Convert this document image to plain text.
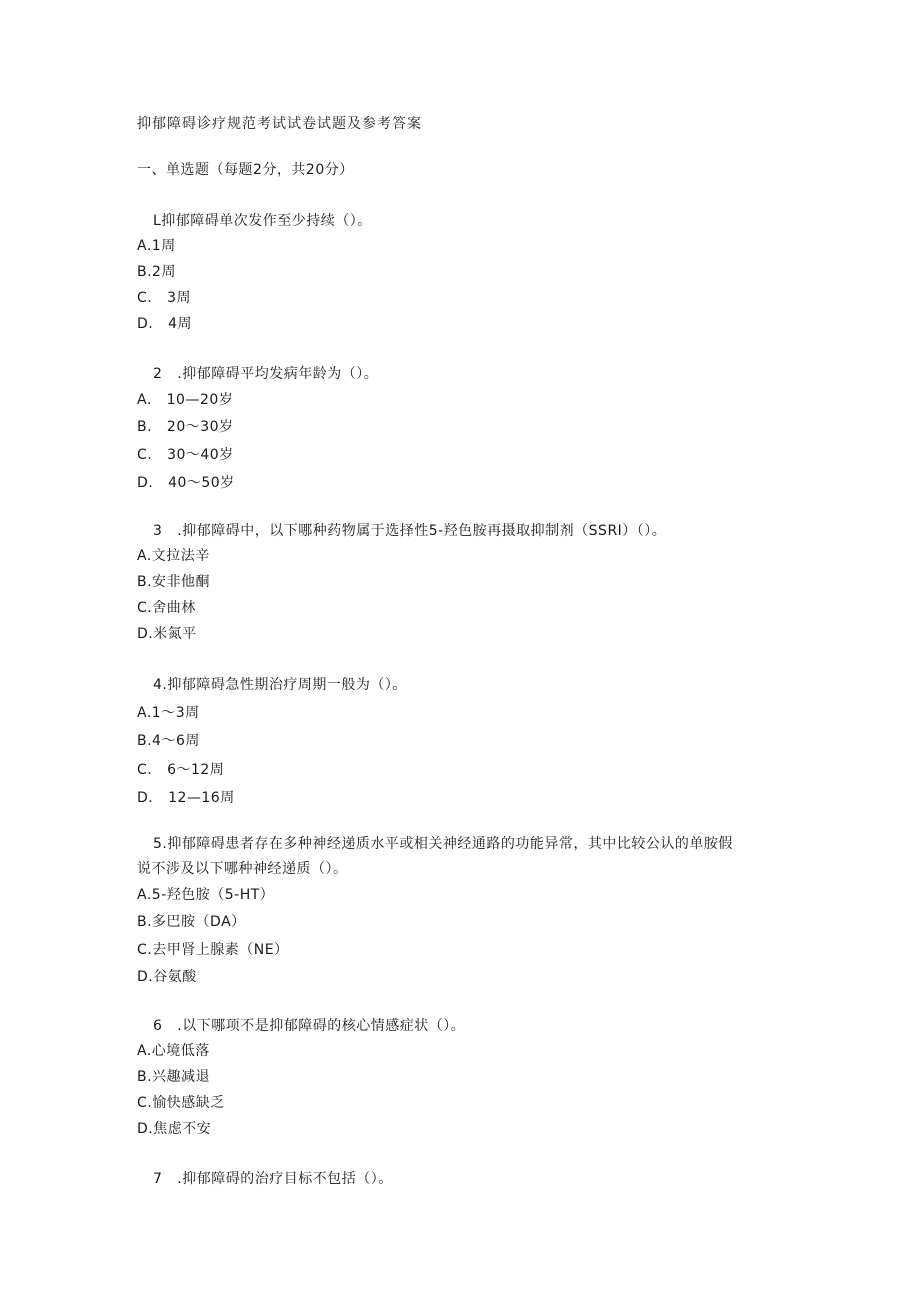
抑郁障碍诊疗规范考试试卷试题及参考答案
一、单选题（每题2分，共20分）
L抑郁障碍单次发作至少持续（）。
A.1周
B.2周
C.   3周
D.   4周
2   .抑郁障碍平均发病年龄为（）。
A.   10—20岁
B.   20～30岁
C.   30～40岁
D.   40～50岁
3   .抑郁障碍中，以下哪种药物属于选择性5-羟色胺再摄取抑制剂（SSRI）（）。
A.文拉法辛
B.安非他酮
C.舍曲林
D.米氮平
4.抑郁障碍急性期治疗周期一般为（）。
A.1～3周
B.4～6周
C.   6～12周
D.   12—16周
5.抑郁障碍患者存在多种神经递质水平或相关神经通路的功能异常，其中比较公认的单胺假
说不涉及以下哪种神经递质（）。
A.5-羟色胺（5-HT）
B.多巴胺（DA）
C.去甲肾上腺素（NE）
D.谷氨酸
6   .以下哪项不是抑郁障碍的核心情感症状（）。
A.心境低落
B.兴趣减退
C.愉快感缺乏
D.焦虑不安
7   .抑郁障碍的治疗目标不包括（）。
